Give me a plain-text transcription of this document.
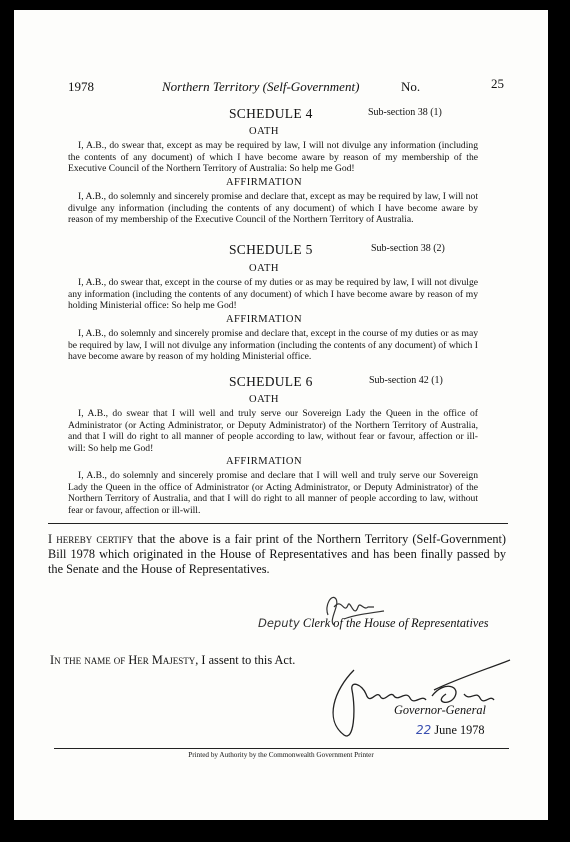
1978	Northern Territory (Self-Government)	No.	25
SCHEDULE 4	Sub-section 38 (1)
OATH
I, A.B., do swear that, except as may be required by law, I will not divulge any information (including the contents of any document) of which I have become aware by reason of my membership of the Executive Council of the Northern Territory of Australia: So help me God!
AFFIRMATION
I, A.B., do solemnly and sincerely promise and declare that, except as may be required by law, I will not divulge any information (including the contents of any document) of which I have become aware by reason of my membership of the Executive Council of the Northern Territory of Australia.
SCHEDULE 5	Sub-section 38 (2)
OATH
I, A.B., do swear that, except in the course of my duties or as may be required by law, I will not divulge any information (including the contents of any document) of which I have become aware by reason of my holding Ministerial office: So help me God!
AFFIRMATION
I, A.B., do solemnly and sincerely promise and declare that, except in the course of my duties or as may be required by law, I will not divulge any information (including the contents of any document) of which I have become aware by reason of my holding Ministerial office.
SCHEDULE 6	Sub-section 42 (1)
OATH
I, A.B., do swear that I will well and truly serve our Sovereign Lady the Queen in the office of Administrator (or Acting Administrator, or Deputy Administrator) of the Northern Territory of Australia, and that I will do right to all manner of people according to law, without fear or favour, affection or ill-will: So help me God!
AFFIRMATION
I, A.B., do solemnly and sincerely promise and declare that I will well and truly serve our Sovereign Lady the Queen in the office of Administrator (or Acting Administrator, or Deputy Administrator) of the Northern Territory of Australia, and that I will do right to all manner of people according to law, without fear or favour, affection or ill-will.
I hereby certify that the above is a fair print of the Northern Territory (Self-Government) Bill 1978 which originated in the House of Representatives and has been finally passed by the Senate and the House of Representatives.
Deputy Clerk of the House of Representatives
In the name of Her Majesty, I assent to this Act.
Governor-General
22 June 1978
Printed by Authority by the Commonwealth Government Printer
